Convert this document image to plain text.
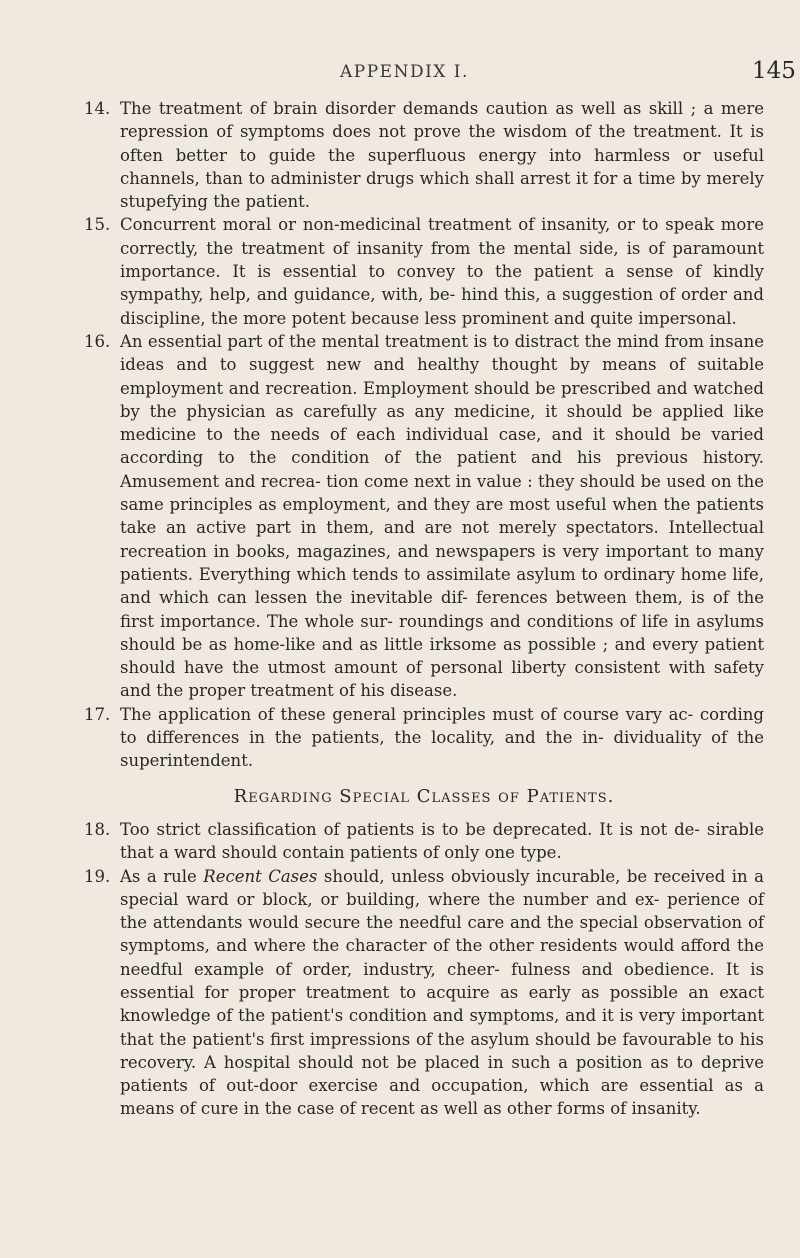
APPENDIX I.	145

14. The treatment of brain disorder demands caution as well as skill ; a mere repression of symptoms does not prove the wisdom of the treatment. It is often better to guide the superfluous energy into harmless or useful channels, than to administer drugs which shall arrest it for a time by merely stupefying the patient.

15. Concurrent moral or non-medicinal treatment of insanity, or to speak more correctly, the treatment of insanity from the mental side, is of paramount importance. It is essential to convey to the patient a sense of kindly sympathy, help, and guidance, with, be- hind this, a suggestion of order and discipline, the more potent because less prominent and quite impersonal.

16. An essential part of the mental treatment is to distract the mind from insane ideas and to suggest new and healthy thought by means of suitable employment and recreation. Employment should be prescribed and watched by the physician as carefully as any medicine, it should be applied like medicine to the needs of each individual case, and it should be varied according to the condition of the patient and his previous history. Amusement and recrea- tion come next in value : they should be used on the same principles as employment, and they are most useful when the patients take an active part in them, and are not merely spectators. Intellectual recreation in books, magazines, and newspapers is very important to many patients. Everything which tends to assimilate asylum to ordinary home life, and which can lessen the inevitable dif- ferences between them, is of the first importance. The whole sur- roundings and conditions of life in asylums should be as home-like and as little irksome as possible ; and every patient should have the utmost amount of personal liberty consistent with safety and the proper treatment of his disease.

17. The application of these general principles must of course vary ac- cording to differences in the patients, the locality, and the in- dividuality of the superintendent.

Regarding Special Classes of Patients.

18. Too strict classification of patients is to be deprecated. It is not de- sirable that a ward should contain patients of only one type.

19. As a rule Recent Cases should, unless obviously incurable, be received in a special ward or block, or building, where the number and ex- perience of the attendants would secure the needful care and the special observation of symptoms, and where the character of the other residents would afford the needful example of order, industry, cheer- fulness and obedience. It is essential for proper treatment to acquire as early as possible an exact knowledge of the patient's condition and symptoms, and it is very important that the patient's first impressions of the asylum should be favourable to his recovery. A hospital should not be placed in such a position as to deprive patients of out-door exercise and occupation, which are essential as a means of cure in the case of recent as well as other forms of insanity.
